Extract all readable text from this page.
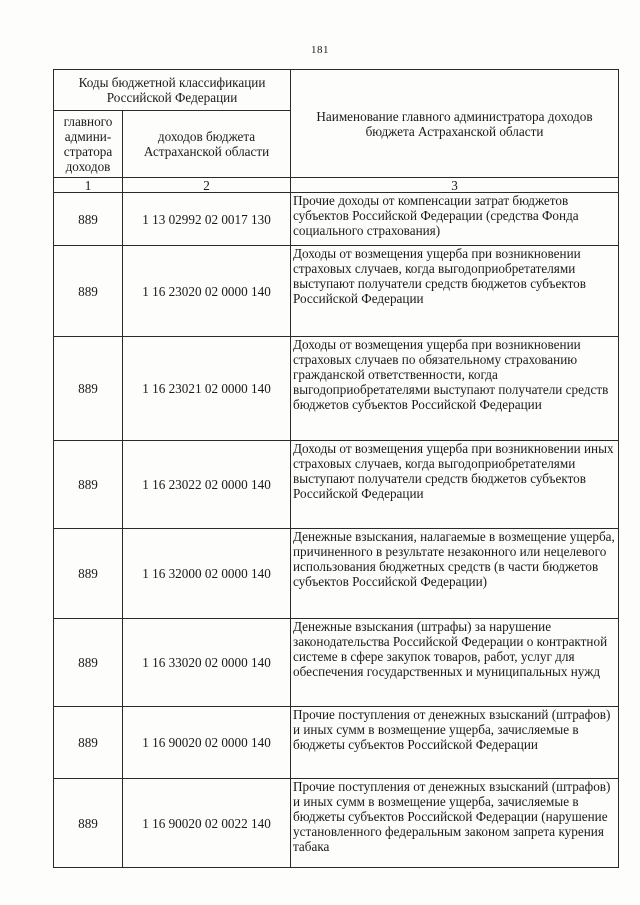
181
Коды бюджетной классификации Российской Федерации		Наименование главного администратора доходов бюджета Астраханской области
главного админи-стратора доходов	доходов бюджета Астраханской области	
1	2	3
889	1 13 02992 02 0017 130	Прочие доходы от компенсации затрат бюджетов субъектов Российской Федерации (средства Фонда социального страхования)
889	1 16 23020 02 0000 140	Доходы от возмещения ущерба при возникновении страховых случаев, когда выгодоприобретателями выступают получатели средств бюджетов субъектов Российской Федерации
889	1 16 23021 02 0000 140	Доходы от возмещения ущерба при возникновении страховых случаев по обязательному страхованию гражданской ответственности, когда выгодоприобретателями выступают получатели средств бюджетов субъектов Российской Федерации
889	1 16 23022 02 0000 140	Доходы от возмещения ущерба при возникновении иных страховых случаев, когда выгодоприобретателями выступают получатели средств бюджетов субъектов Российской Федерации
889	1 16 32000 02 0000 140	Денежные взыскания, налагаемые в возмещение ущерба, причиненного в результате незаконного или нецелевого использования бюджетных средств (в части бюджетов субъектов Российской Федерации)
889	1 16 33020 02 0000 140	Денежные взыскания (штрафы) за нарушение законодательства Российской Федерации о контрактной системе в сфере закупок товаров, работ, услуг для обеспечения государственных и муниципальных нужд
889	1 16 90020 02 0000 140	Прочие поступления от денежных взысканий (штрафов) и иных сумм в возмещение ущерба, зачисляемые в бюджеты субъектов Российской Федерации
889	1 16 90020 02 0022 140	Прочие поступления от денежных взысканий (штрафов) и иных сумм в возмещение ущерба, зачисляемые в бюджеты субъектов Российской Федерации (нарушение установленного федеральным законом запрета курения табака
